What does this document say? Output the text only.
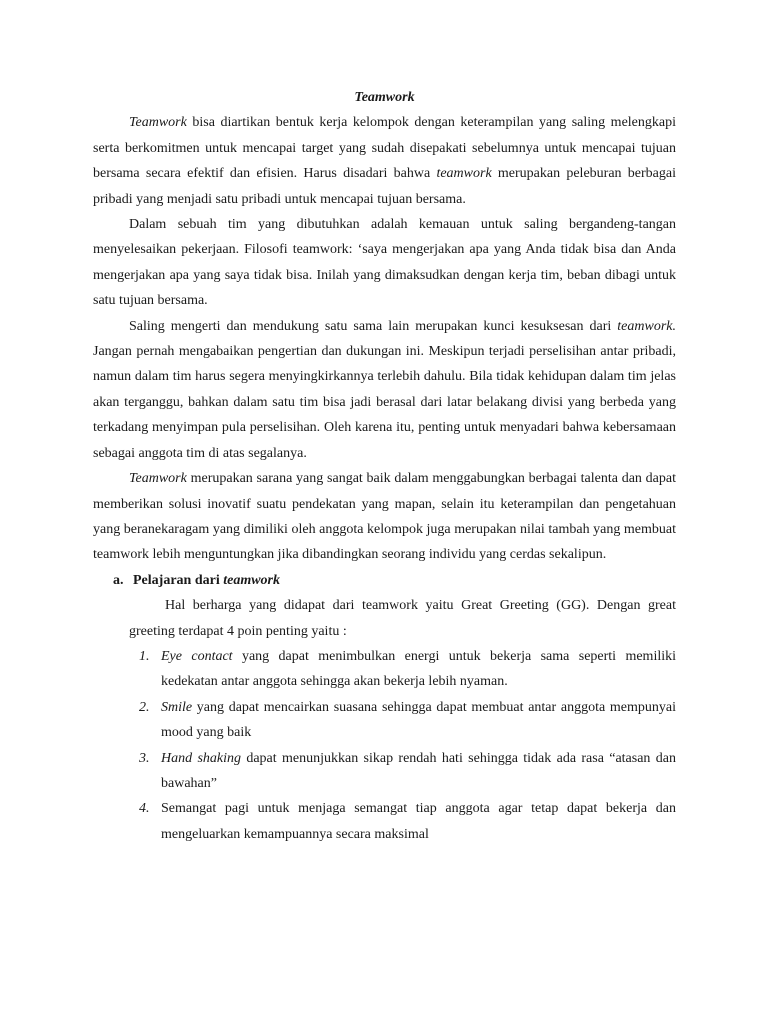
Teamwork

Teamwork bisa diartikan bentuk kerja kelompok dengan keterampilan yang saling melengkapi serta berkomitmen untuk mencapai target yang sudah disepakati sebelumnya untuk mencapai tujuan bersama secara efektif dan efisien. Harus disadari bahwa teamwork merupakan peleburan berbagai pribadi yang menjadi satu pribadi untuk mencapai tujuan bersama.

Dalam sebuah tim yang dibutuhkan adalah kemauan untuk saling bergandeng-tangan menyelesaikan pekerjaan. Filosofi teamwork: ‘saya mengerjakan apa yang Anda tidak bisa dan Anda mengerjakan apa yang saya tidak bisa. Inilah yang dimaksudkan dengan kerja tim, beban dibagi untuk satu tujuan bersama.

Saling mengerti dan mendukung satu sama lain merupakan kunci kesuksesan dari teamwork. Jangan pernah mengabaikan pengertian dan dukungan ini. Meskipun terjadi perselisihan antar pribadi, namun dalam tim harus segera menyingkirkannya terlebih dahulu. Bila tidak kehidupan dalam tim jelas akan terganggu, bahkan dalam satu tim bisa jadi berasal dari latar belakang divisi yang berbeda yang terkadang menyimpan pula perselisihan. Oleh karena itu, penting untuk menyadari bahwa kebersamaan sebagai anggota tim di atas segalanya.

Teamwork merupakan sarana yang sangat baik dalam menggabungkan berbagai talenta dan dapat memberikan solusi inovatif suatu pendekatan yang mapan, selain itu keterampilan dan pengetahuan yang beranekaragam yang dimiliki oleh anggota kelompok juga merupakan nilai tambah yang membuat teamwork lebih menguntungkan jika dibandingkan seorang individu yang cerdas sekalipun.

a. Pelajaran dari teamwork

Hal berharga yang didapat dari teamwork yaitu Great Greeting (GG). Dengan great greeting terdapat 4 poin penting yaitu :

1. Eye contact yang dapat menimbulkan energi untuk bekerja sama seperti memiliki kedekatan antar anggota sehingga akan bekerja lebih nyaman.
2. Smile yang dapat mencairkan suasana sehingga dapat membuat antar anggota mempunyai mood yang baik
3. Hand shaking dapat menunjukkan sikap rendah hati sehingga tidak ada rasa “atasan dan bawahan”
4. Semangat pagi untuk menjaga semangat tiap anggota agar tetap dapat bekerja dan mengeluarkan kemampuannya secara maksimal
